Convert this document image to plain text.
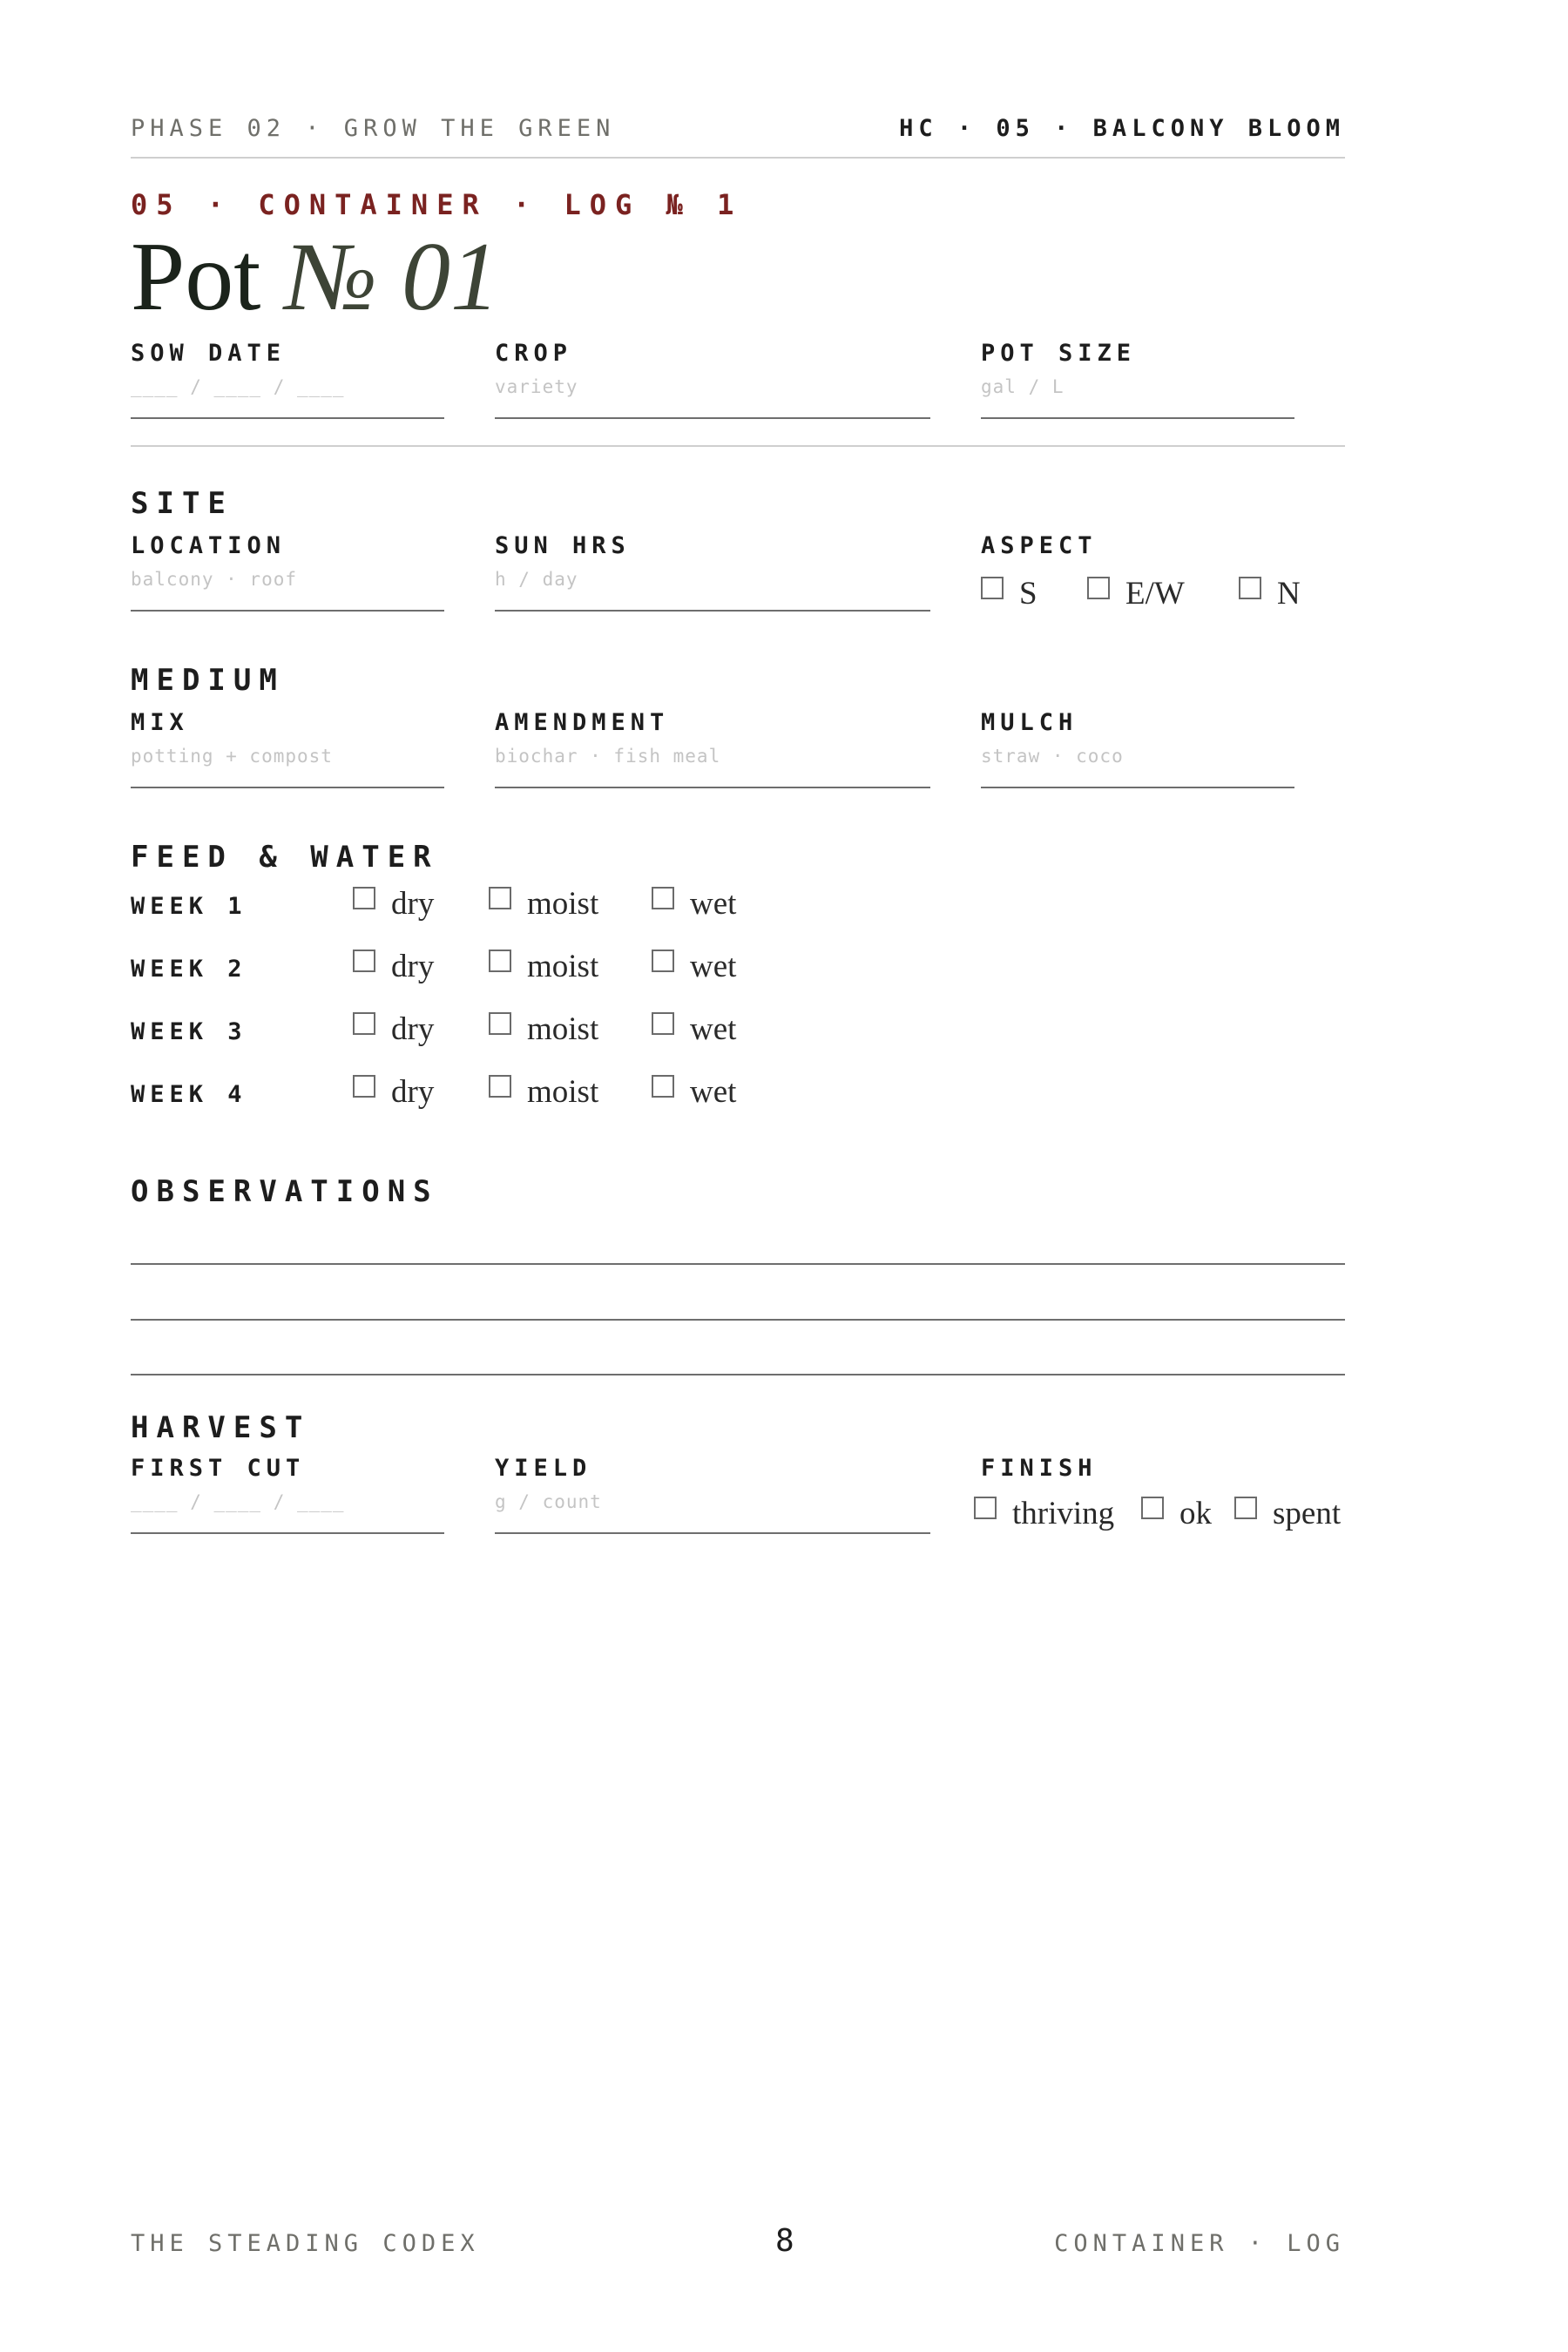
PHASE 02 · GROW THE GREEN	HC · 05 · BALCONY BLOOM
05 · CONTAINER · LOG № 1
Pot № 01
SOW DATE
____ / ____ / ____
CROP
variety
POT SIZE
gal / L
SITE
LOCATION
balcony · roof
SUN HRS
h / day
ASPECT
S	E/W	N
MEDIUM
MIX
potting + compost
AMENDMENT
biochar · fish meal
MULCH
straw · coco
FEED & WATER
WEEK 1	dry	moist	wet
WEEK 2	dry	moist	wet
WEEK 3	dry	moist	wet
WEEK 4	dry	moist	wet
OBSERVATIONS
HARVEST
FIRST CUT
____ / ____ / ____
YIELD
g / count
FINISH
thriving	ok	spent
THE STEADING CODEX	8	CONTAINER · LOG
